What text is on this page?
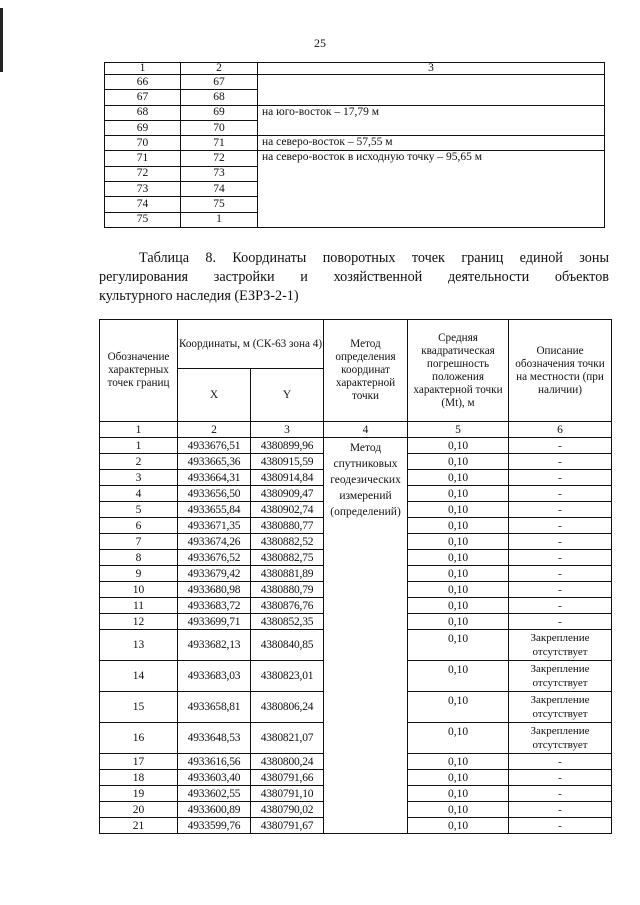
25
1	2	3
66	67	
67	68	
68	69	на юго-восток – 17,79 м
69	70	
70	71	на северо-восток – 57,55 м
71	72	на северо-восток в исходную точку – 95,65 м
72	73	
73	74	
74	75	
75	1	
Таблица 8. Координаты поворотных точек границ единой зоны
регулирования застройки и хозяйственной деятельности объектов
культурного наследия (ЕЗРЗ-2-1)
Обозначение характерных точек границ	Координаты, м (СК-63 зона 4)		Метод определения координат характерной точки	Средняя квадратическая погрешность положения характерной точки (Mt), м	Описание обозначения точки на местности (при наличии)
	X	Y			
1	2	3	4	5	6
1	4933676,51	4380899,96	Метод спутниковых геодезических измерений (определений)	0,10	-
2	4933665,36	4380915,59		0,10	-
3	4933664,31	4380914,84		0,10	-
4	4933656,50	4380909,47		0,10	-
5	4933655,84	4380902,74		0,10	-
6	4933671,35	4380880,77		0,10	-
7	4933674,26	4380882,52		0,10	-
8	4933676,52	4380882,75		0,10	-
9	4933679,42	4380881,89		0,10	-
10	4933680,98	4380880,79		0,10	-
11	4933683,72	4380876,76		0,10	-
12	4933699,71	4380852,35		0,10	-
13	4933682,13	4380840,85		0,10	Закрепление отсутствует
14	4933683,03	4380823,01		0,10	Закрепление отсутствует
15	4933658,81	4380806,24		0,10	Закрепление отсутствует
16	4933648,53	4380821,07		0,10	Закрепление отсутствует
17	4933616,56	4380800,24		0,10	-
18	4933603,40	4380791,66		0,10	-
19	4933602,55	4380791,10		0,10	-
20	4933600,89	4380790,02		0,10	-
21	4933599,76	4380791,67		0,10	-
